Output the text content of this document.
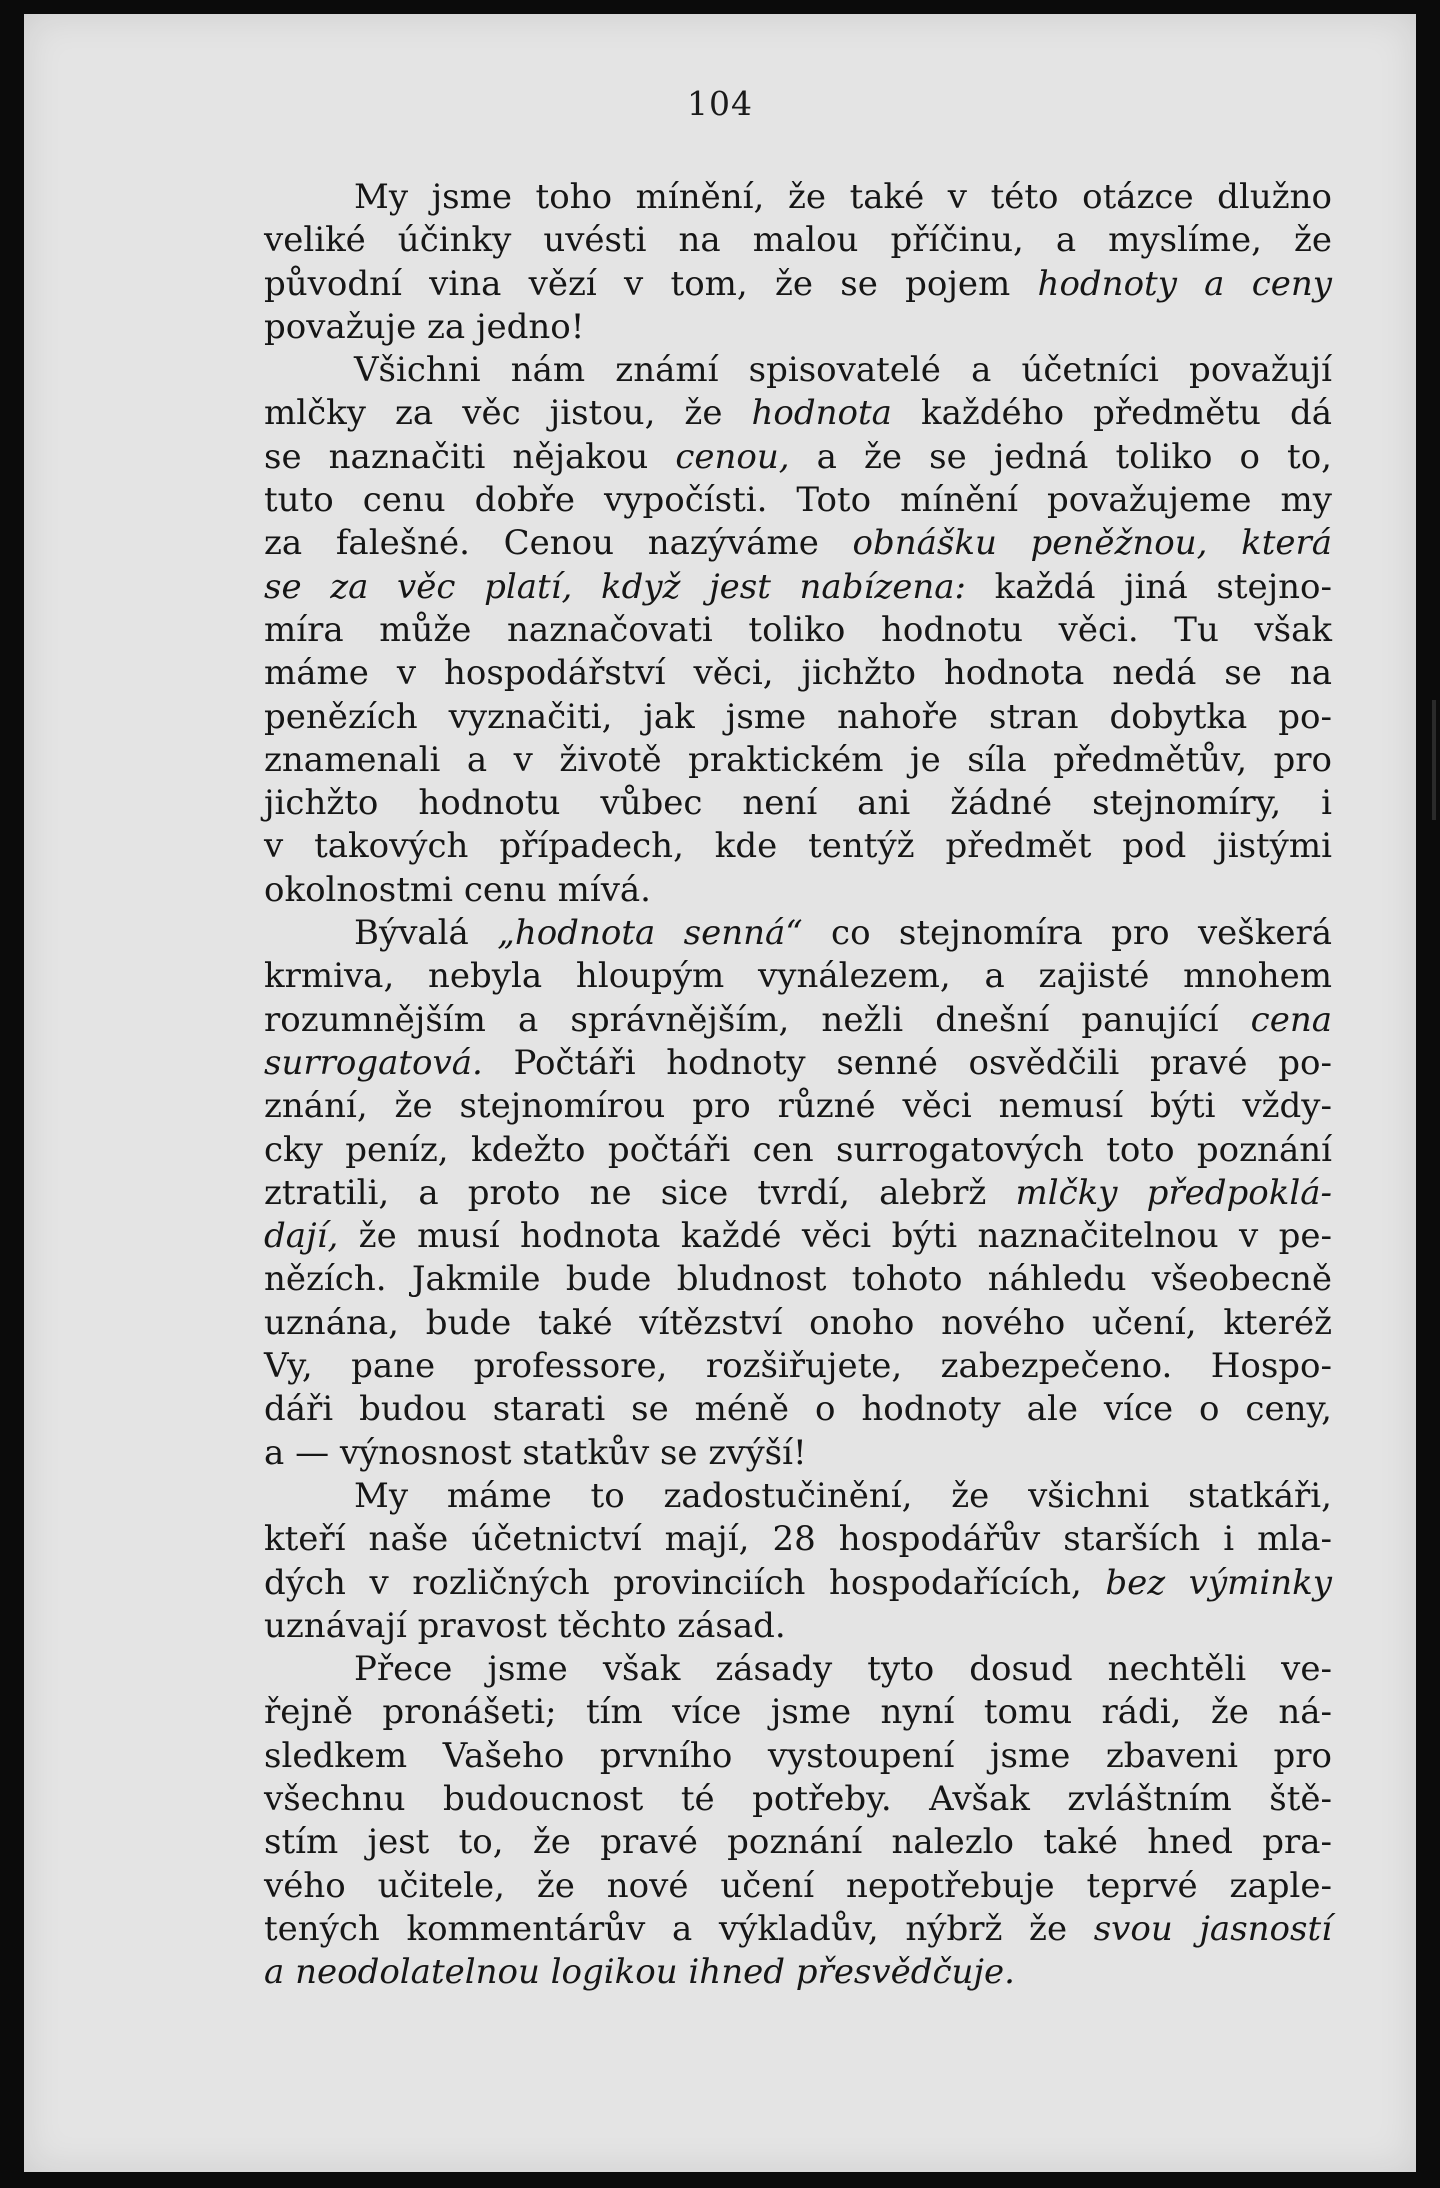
104
My jsme toho mínění, že také v této otázce dlužno
veliké účinky uvésti na malou příčinu, a myslíme, že
původní vina vězí v tom, že se pojem hodnoty a ceny
považuje za jedno!
Všichni nám známí spisovatelé a účetníci považují
mlčky za věc jistou, že hodnota každého předmětu dá
se naznačiti nějakou cenou, a že se jedná toliko o to,
tuto cenu dobře vypočísti. Toto mínění považujeme my
za falešné. Cenou nazýváme obnášku peněžnou, která
se za věc platí, když jest nabízena: každá jiná stejno-
míra může naznačovati toliko hodnotu věci. Tu však
máme v hospodářství věci, jichžto hodnota nedá se na
penězích vyznačiti, jak jsme nahoře stran dobytka po-
znamenali a v životě praktickém je síla předmětův, pro
jichžto hodnotu vůbec není ani žádné stejnomíry, i
v takových případech, kde tentýž předmět pod jistými
okolnostmi cenu mívá.
Bývalá „hodnota senná“ co stejnomíra pro veškerá
krmiva, nebyla hloupým vynálezem, a zajisté mnohem
rozumnějším a správnějším, nežli dnešní panující cena
surrogatová. Počtáři hodnoty senné osvědčili pravé po-
znání, že stejnomírou pro různé věci nemusí býti vždy-
cky peníz, kdežto počtáři cen surrogatových toto poznání
ztratili, a proto ne sice tvrdí, alebrž mlčky předpoklá-
dají, že musí hodnota každé věci býti naznačitelnou v pe-
nězích. Jakmile bude bludnost tohoto náhledu všeobecně
uznána, bude také vítězství onoho nového učení, kteréž
Vy, pane professore, rozšiřujete, zabezpečeno. Hospo-
dáři budou starati se méně o hodnoty ale více o ceny,
a — výnosnost statkův se zvýší!
My máme to zadostučinění, že všichni statkáři,
kteří naše účetnictví mají, 28 hospodářův starších i mla-
dých v rozličných provinciích hospodařících, bez výminky
uznávají pravost těchto zásad.
Přece jsme však zásady tyto dosud nechtěli ve-
řejně pronášeti; tím více jsme nyní tomu rádi, že ná-
sledkem Vašeho prvního vystoupení jsme zbaveni pro
všechnu budoucnost té potřeby. Avšak zvláštním ště-
stím jest to, že pravé poznání nalezlo také hned pra-
vého učitele, že nové učení nepotřebuje teprvé zaple-
tených kommentárův a výkladův, nýbrž že svou jasností
a neodolatelnou logikou ihned přesvědčuje.
